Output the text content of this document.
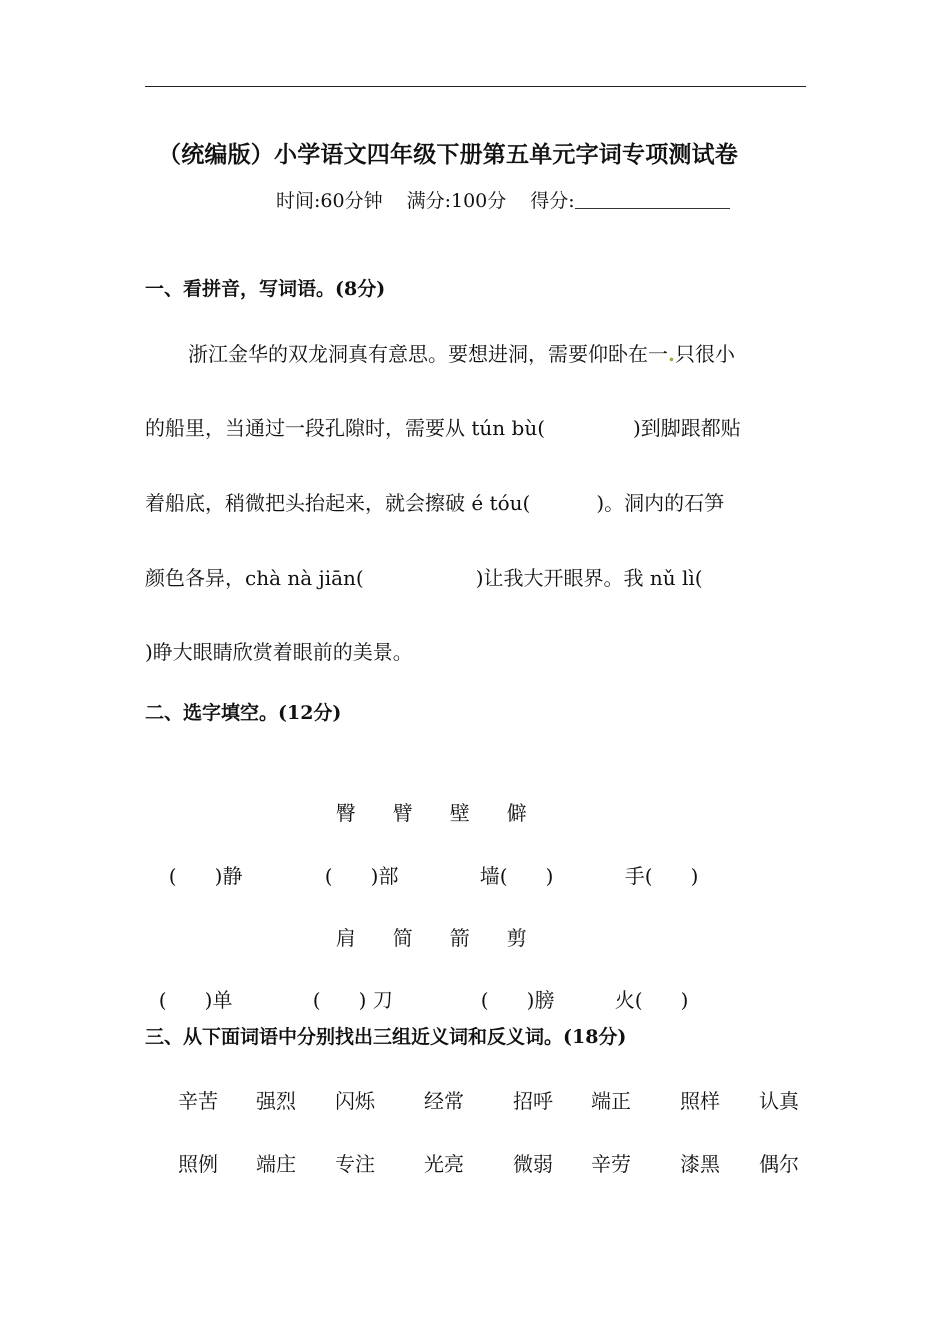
（统编版）小学语文四年级下册第五单元字词专项测试卷
时间:60分钟 满分:100分 得分:
一、看拼音，写词语。(8分)
浙江金华的双龙洞真有意思。要想进洞，需要仰卧在一.只很小
的船里，当通过一段孔隙时，需要从 tún bù(	)到脚跟都贴
着船底，稍微把头抬起来，就会擦破 é tóu(	)。洞内的石笋
颜色各异，chà nà jiān(	)让我大开眼界。我 nǔ lì(
)睁大眼睛欣赏着眼前的美景。
二、选字填空。(12分)

臀 臂 壁 僻

(      )静	(      )部	墙(      )	手(      )

肩 简 箭 剪

(      )单	(      ) 刀	(      )膀	火(      )

三、从下面词语中分别找出三组近义词和反义词。(18分)
辛苦 强烈 闪烁 经常 招呼 端正 照样 认真
照例 端庄 专注 光亮 微弱 辛劳 漆黑 偶尔
